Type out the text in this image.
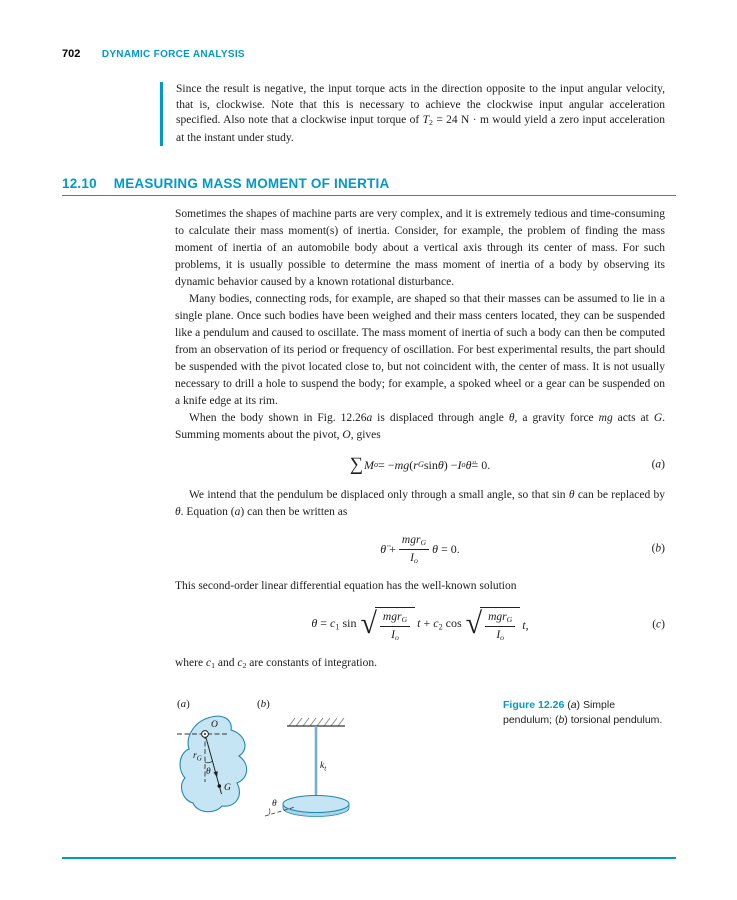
702 DYNAMIC FORCE ANALYSIS

Since the result is negative, the input torque acts in the direction opposite to the input angular velocity, that is, clockwise. Note that this is necessary to achieve the clockwise input angular acceleration specified. Also note that a clockwise input torque of T2 = 24 N · m would yield a zero input acceleration at the instant under study.

12.10 MEASURING MASS MOMENT OF INERTIA

Sometimes the shapes of machine parts are very complex, and it is extremely tedious and time-consuming to calculate their mass moment(s) of inertia. Consider, for example, the problem of finding the mass moment of inertia of an automobile body about a vertical axis through its center of mass. For such problems, it is usually possible to determine the mass moment of inertia of a body by observing its dynamic behavior caused by a known rotational disturbance.

Many bodies, connecting rods, for example, are shaped so that their masses can be assumed to lie in a single plane. Once such bodies have been weighed and their mass centers located, they can be suspended like a pendulum and caused to oscillate. The mass moment of inertia of such a body can then be computed from an observation of its period or frequency of oscillation. For best experimental results, the part should be suspended with the pivot located close to, but not coincident with, the center of mass. It is not usually necessary to drill a hole to suspend the body; for example, a spoked wheel or a gear can be suspended on a knife edge at its rim.

When the body shown in Fig. 12.26a is displaced through angle θ, a gravity force mg acts at G. Summing moments about the pivot, O, gives

∑ M o = − mg ( r G sin θ ) − I o θ̈ = 0.	(a)

We intend that the pendulum be displaced only through a small angle, so that sin θ can be replaced by θ. Equation (a) can then be written as

θ̈ + $\frac{\text{mgrG}}{Io}$ θ = 0.	(b)

This second-order linear differential equation has the well-known solution

θ = c1 sin √ $\frac{\text{mgrG}}{Io}$ t + c2 cos √ $\frac{\text{mgrG}}{Io} t$,	(c)

where c1 and c2 are constants of integration.

(a)
O
$r_G$
θ
G
(b)
$k_t$
θ
Figure 12.26 (a) Simple pendulum; (b) torsional pendulum.
